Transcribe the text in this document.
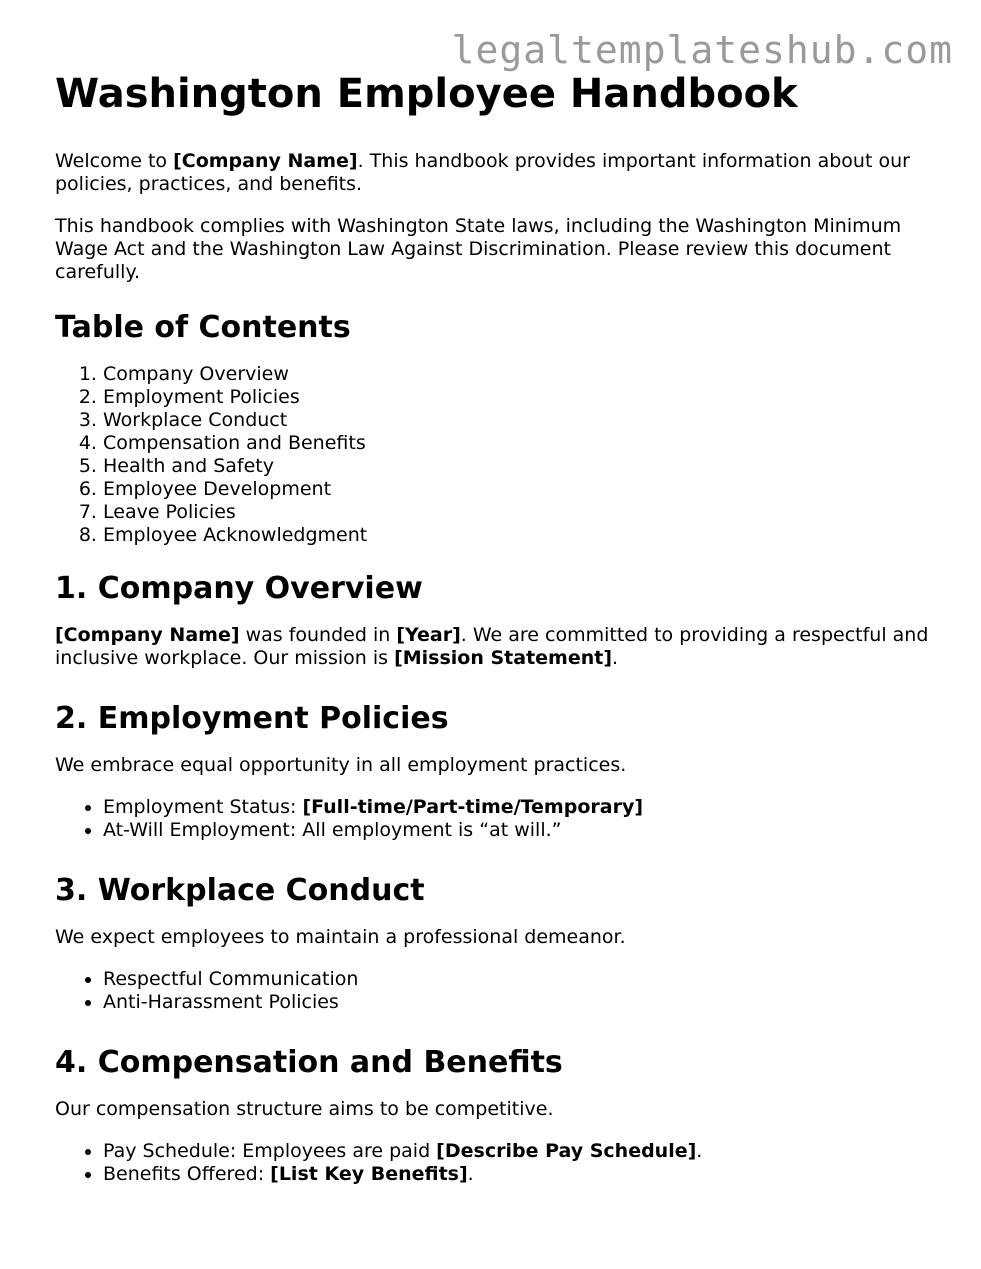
legaltemplateshub.com
Washington Employee Handbook

Welcome to [Company Name]. This handbook provides important information about our policies, practices, and benefits.

This handbook complies with Washington State laws, including the Washington Minimum Wage Act and the Washington Law Against Discrimination. Please review this document carefully.

Table of Contents
1. Company Overview
2. Employment Policies
3. Workplace Conduct
4. Compensation and Benefits
5. Health and Safety
6. Employee Development
7. Leave Policies
8. Employee Acknowledgment
1. Company Overview

[Company Name] was founded in [Year]. We are committed to providing a respectful and inclusive workplace. Our mission is [Mission Statement].

2. Employment Policies

We embrace equal opportunity in all employment practices.

• Employment Status: [Full-time/Part-time/Temporary]
• At-Will Employment: All employment is “at will.”
3. Workplace Conduct

We expect employees to maintain a professional demeanor.

• Respectful Communication
• Anti-Harassment Policies
4. Compensation and Benefits

Our compensation structure aims to be competitive.

• Pay Schedule: Employees are paid [Describe Pay Schedule].
• Benefits Offered: [List Key Benefits].
